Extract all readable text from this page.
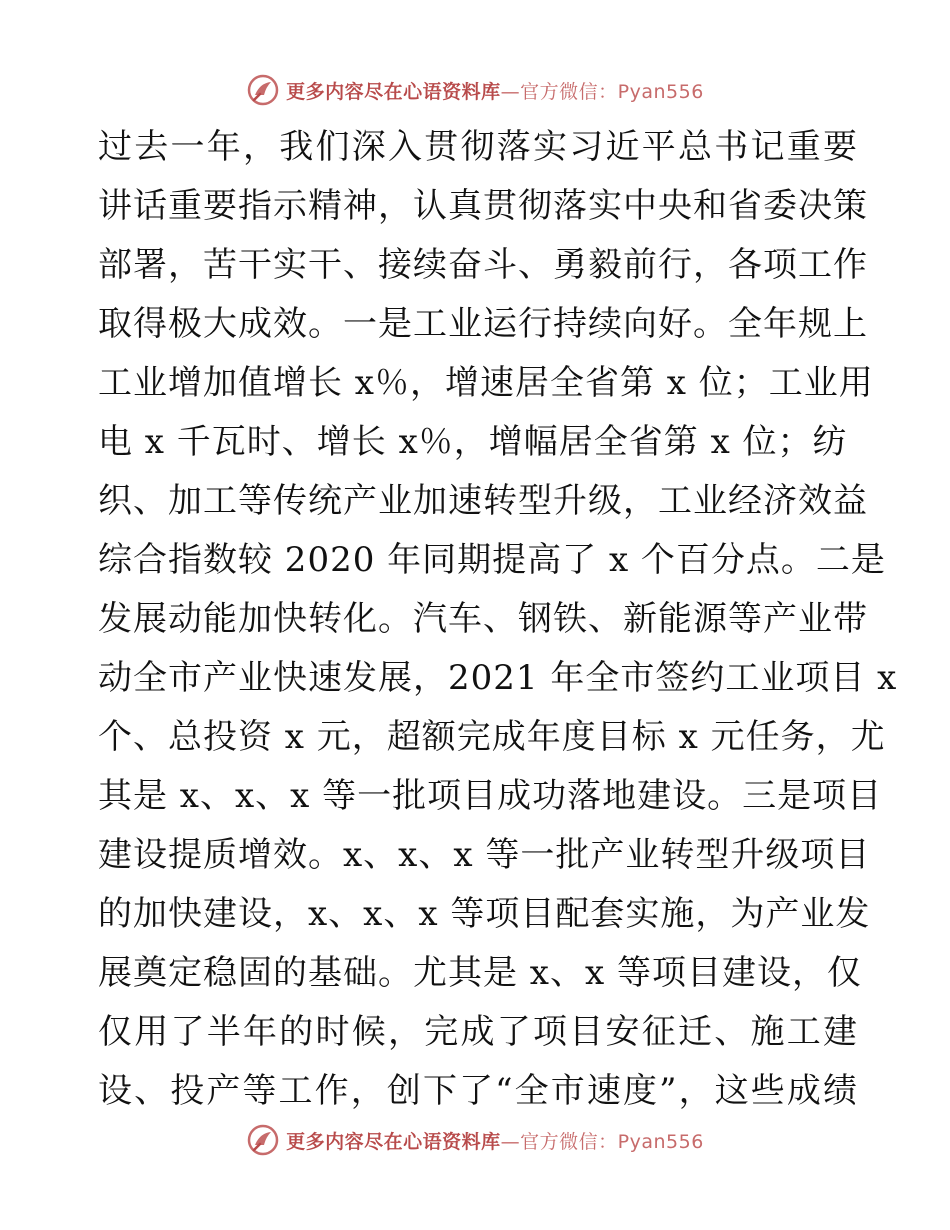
更多内容尽在心语资料库—官方微信：Pyan556
过去一年，我们深入贯彻落实习近平总书记重要
讲话重要指示精神，认真贯彻落实中央和省委决策
部署，苦干实干、接续奋斗、勇毅前行，各项工作
取得极大成效。一是工业运行持续向好。全年规上
工业增加值增长 x％，增速居全省第 x 位；工业用
电 x 千瓦时、增长 x％，增幅居全省第 x 位；纺
织、加工等传统产业加速转型升级，工业经济效益
综合指数较 2020 年同期提高了 x 个百分点。二是
发展动能加快转化。汽车、钢铁、新能源等产业带
动全市产业快速发展，2021 年全市签约工业项目 x
个、总投资 x 元，超额完成年度目标 x 元任务，尤
其是 x、x、x 等一批项目成功落地建设。三是项目
建设提质增效。x、x、x 等一批产业转型升级项目
的加快建设，x、x、x 等项目配套实施，为产业发
展奠定稳固的基础。尤其是 x、x 等项目建设，仅
仅用了半年的时候，完成了项目安征迁、施工建
设、投产等工作，创下了“全市速度”，这些成绩
更多内容尽在心语资料库—官方微信：Pyan556
